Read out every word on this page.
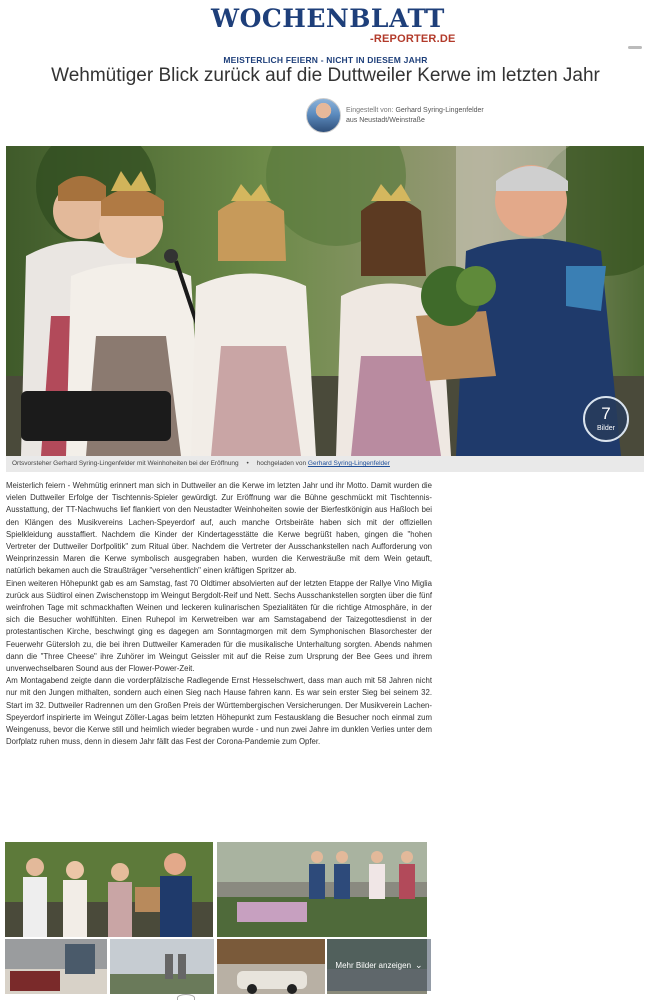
WOCHENBLATT
-REPORTER.DE
MEISTERLICH FEIERN - NICHT IN DIESEM JAHR
Wehmütiger Blick zurück auf die Duttweiler Kerwe im letzten Jahr
Eingestellt von: Gerhard Syring-Lingenfelder
aus Neustadt/Weinstraße
7
Bilder
Ortsvorsteher Gerhard Syring-Lingenfelder mit Weinhoheiten bei der Eröffnung • hochgeladen von Gerhard Syring-Lingenfelder

Meisterlich feiern - Wehmütig erinnert man sich in Duttweiler an die Kerwe im letzten Jahr und ihr Motto. Damit wurden die vielen Duttweiler Erfolge der Tischtennis-Spieler gewürdigt. Zur Eröffnung war die Bühne geschmückt mit Tischtennis-Ausstattung, der TT-Nachwuchs lief flankiert von den Neustadter Weinhoheiten sowie der Bierfestkönigin aus Haßloch bei den Klängen des Musikvereins Lachen-Speyerdorf auf, auch manche Ortsbeiräte haben sich mit der offiziellen Spielkleidung ausstaffiert. Nachdem die Kinder der Kindertagesstätte die Kerwe begrüßt haben, gingen die "hohen Vertreter der Duttweiler Dorfpolitik" zum Ritual über. Nachdem die Vertreter der Ausschankstellen nach Aufforderung von Weinprinzessin Maren die Kerwe symbolisch ausgegraben haben, wurden die Kerwesträuße mit dem Wein getauft, natürlich bekamen auch die Straußträger "versehentlich" einen kräftigen Spritzer ab.

Einen weiteren Höhepunkt gab es am Samstag, fast 70 Oldtimer absolvierten auf der letzten Etappe der Rallye Vino Miglia zurück aus Südtirol einen Zwischenstopp im Weingut Bergdolt-Reif und Nett. Sechs Ausschankstellen sorgten über die fünf weinfrohen Tage mit schmackhaften Weinen und leckeren kulinarischen Spezialitäten für die richtige Atmosphäre, in der sich die Besucher wohlfühlten. Einen Ruhepol im Kerwetreiben war am Samstagabend der Taizegottesdienst in der protestantischen Kirche, beschwingt ging es dagegen am Sonntagmorgen mit dem Symphonischen Blasorchester der Feuerwehr Gütersloh zu, die bei ihren Duttweiler Kameraden für die musikalische Unterhaltung sorgten. Abends nahmen dann die "Three Cheese" ihre Zuhörer im Weingut Geissler mit auf die Reise zum Ursprung der Bee Gees und ihrem unverwechselbaren Sound aus der Flower-Power-Zeit.

Am Montagabend zeigte dann die vorderpfälzische Radlegende Ernst Hesselschwert, dass man auch mit 58 Jahren nicht nur mit den Jungen mithalten, sondern auch einen Sieg nach Hause fahren kann. Es war sein erster Sieg bei seinem 32. Start im 32. Duttweiler Radrennen um den Großen Preis der Württembergischen Versicherungen. Der Musikverein Lachen-Speyerdorf inspirierte im Weingut Zöller-Lagas beim letzten Höhepunkt zum Festausklang die Besucher noch einmal zum Weingenuss, bevor die Kerwe still und heimlich wieder begraben wurde - und nun zwei Jahre im dunklen Verlies unter dem Dorfplatz ruhen muss, denn in diesem Jahr fällt das Fest der Corona-Pandemie zum Opfer.

Mehr Bilder anzeigen ⌄
